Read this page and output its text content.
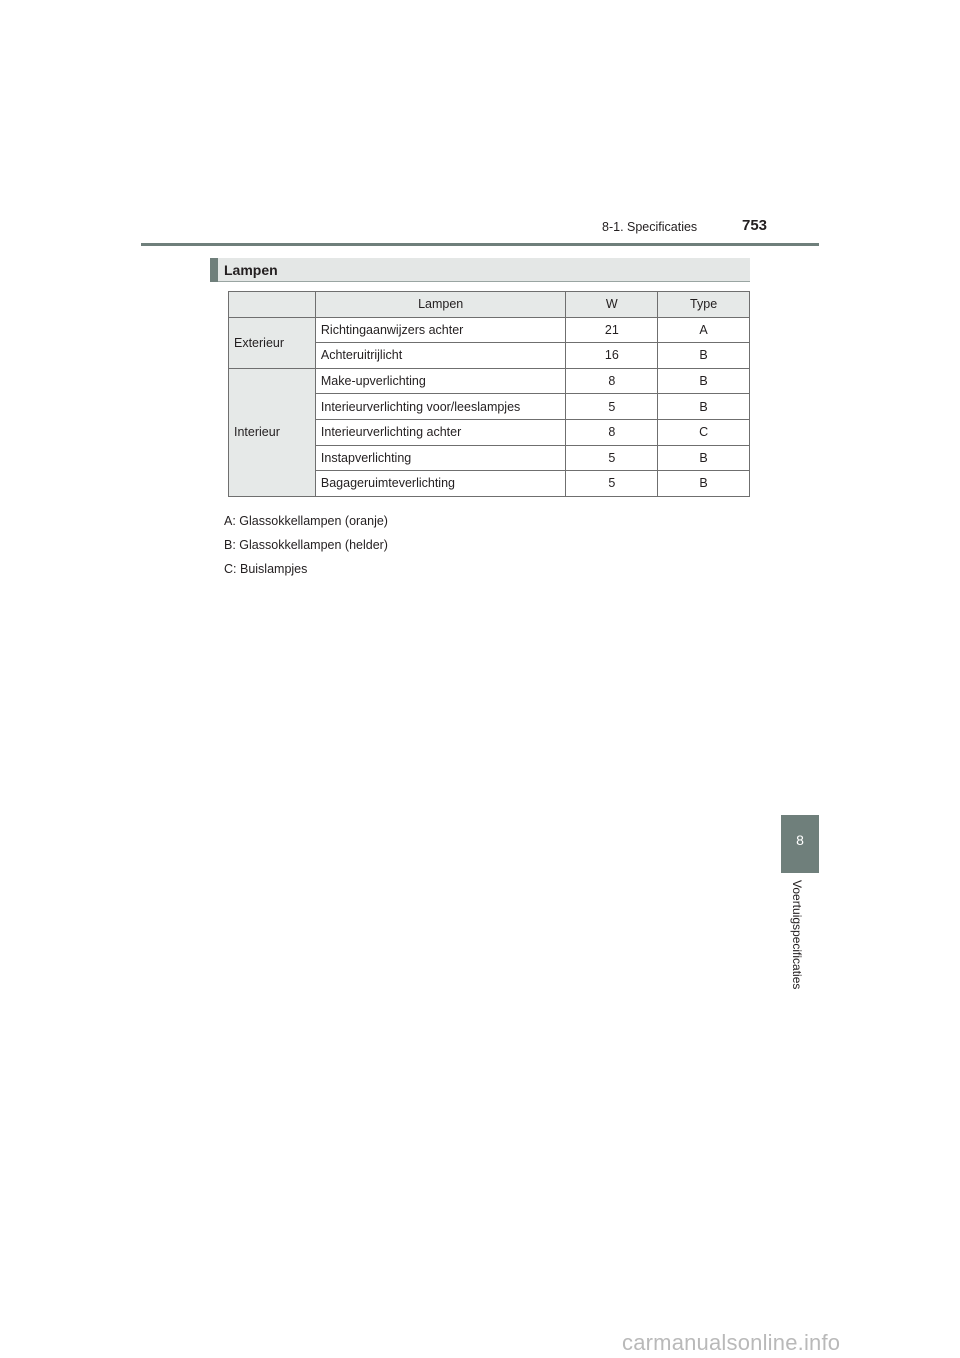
8-1. Specificaties	753
Lampen
	Lampen	W	Type
Exterieur	Richtingaanwijzers achter	21	A
	Achteruitrijlicht	16	B
Interieur	Make-upverlichting	8	B
	Interieurverlichting voor/leeslampjes	5	B
	Interieurverlichting achter	8	C
	Instapverlichting	5	B
	Bagageruimteverlichting	5	B
A: Glassokkellampen (oranje)
B: Glassokkellampen (helder)
C: Buislampjes
8
Voertuigspecificaties
carmanualsonline.info
